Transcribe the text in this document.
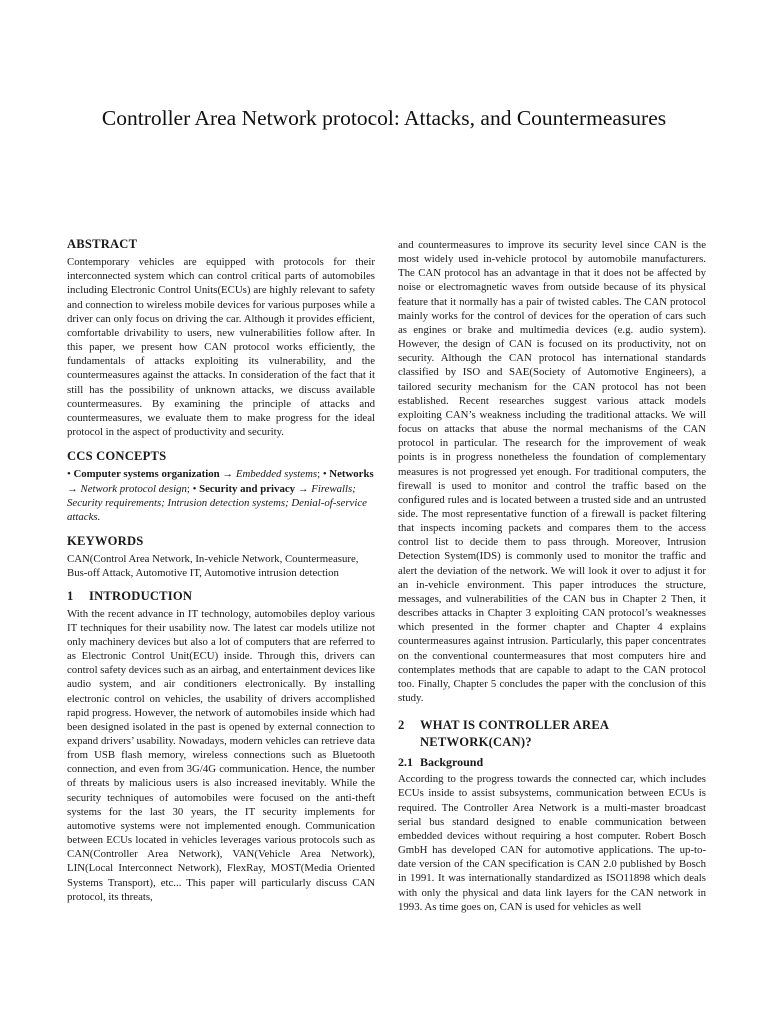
Controller Area Network protocol: Attacks, and Countermeasures
ABSTRACT

Contemporary vehicles are equipped with protocols for their interconnected system which can control critical parts of automobiles including Electronic Control Units(ECUs) are highly relevant to safety and connection to wireless mobile devices for various purposes while a driver can only focus on driving the car. Although it provides efficient, comfortable drivability to users, new vulnerabilities follow after. In this paper, we present how CAN protocol works efficiently, the fundamentals of attacks exploiting its vulnerability, and the countermeasures against the attacks. In consideration of the fact that it still has the possibility of unknown attacks, we discuss available countermeasures. By examining the principle of attacks and countermeasures, we evaluate them to make progress for the ideal protocol in the aspect of productivity and security.

CCS CONCEPTS

• Computer systems organization → Embedded systems; • Networks → Network protocol design; • Security and privacy → Firewalls; Security requirements; Intrusion detection systems; Denial-of-service attacks.

KEYWORDS

CAN(Control Area Network, In-vehicle Network, Countermeasure, Bus-off Attack, Automotive IT, Automotive intrusion detection

1 INTRODUCTION

With the recent advance in IT technology, automobiles deploy various IT techniques for their usability now. The latest car models utilize not only machinery devices but also a lot of computers that are referred to as Electronic Control Unit(ECU) inside. Through this, drivers can control safety devices such as an airbag, and entertainment devices like audio system, and air conditioners electronically. By installing electronic control on vehicles, the usability of drivers accomplished rapid progress. However, the network of automobiles inside which had been designed isolated in the past is opened by external connection to expand drivers’ usability. Nowadays, modern vehicles can retrieve data from USB flash memory, wireless connections such as Bluetooth connection, and even from 3G/4G communication. Hence, the number of threats by malicious users is also increased inevitably. While the security techniques of automobiles were focused on the anti-theft systems for the last 30 years, the IT security implements for automotive systems were not implemented enough. Communication between ECUs located in vehicles leverages various protocols such as CAN(Controller Area Network), VAN(Vehicle Area Network), LIN(Local Interconnect Network), FlexRay, MOST(Media Oriented Systems Transport), etc... This paper will particularly discuss CAN protocol, its threats,

and countermeasures to improve its security level since CAN is the most widely used in-vehicle protocol by automobile manufacturers. The CAN protocol has an advantage in that it does not be affected by noise or electromagnetic waves from outside because of its physical feature that it normally has a pair of twisted cables. The CAN protocol mainly works for the control of devices for the operation of cars such as engines or brake and multimedia devices (e.g. audio system). However, the design of CAN is focused on its productivity, not on security. Although the CAN protocol has international standards classified by ISO and SAE(Society of Automotive Engineers), a tailored security mechanism for the CAN protocol has not been established. Recent researches suggest various attack models exploiting CAN’s weakness including the traditional attacks. We will focus on attacks that abuse the normal mechanisms of the CAN protocol in particular. The research for the improvement of weak points is in progress nonetheless the foundation of complementary measures is not progressed yet enough. For traditional computers, the firewall is used to monitor and control the traffic based on the configured rules and is located between a trusted side and an untrusted side. The most representative function of a firewall is packet filtering that inspects incoming packets and compares them to the access control list to decide them to pass through. Moreover, Intrusion Detection System(IDS) is commonly used to monitor the traffic and alert the deviation of the network. We will look it over to adjust it for an in-vehicle environment. This paper introduces the structure, messages, and vulnerabilities of the CAN bus in Chapter 2 Then, it describes attacks in Chapter 3 exploiting CAN protocol’s weaknesses which presented in the former chapter and Chapter 4 explains countermeasures against intrusion. Particularly, this paper concentrates on the conventional countermeasures that most computers hire and contemplates methods that are capable to adapt to the CAN protocol too. Finally, Chapter 5 concludes the paper with the conclusion of this study.

2 WHAT IS CONTROLLER AREA
NETWORK(CAN)?
2.1 Background

According to the progress towards the connected car, which includes ECUs inside to assist subsystems, communication between ECUs is required. The Controller Area Network is a multi-master broadcast serial bus standard designed to enable communication between embedded devices without requiring a host computer. Robert Bosch GmbH has developed CAN for automotive applications. The up-to-date version of the CAN specification is CAN 2.0 published by Bosch in 1991. It was internationally standardized as ISO11898 which deals with only the physical and data link layers for the CAN network in 1993. As time goes on, CAN is used for vehicles as well
